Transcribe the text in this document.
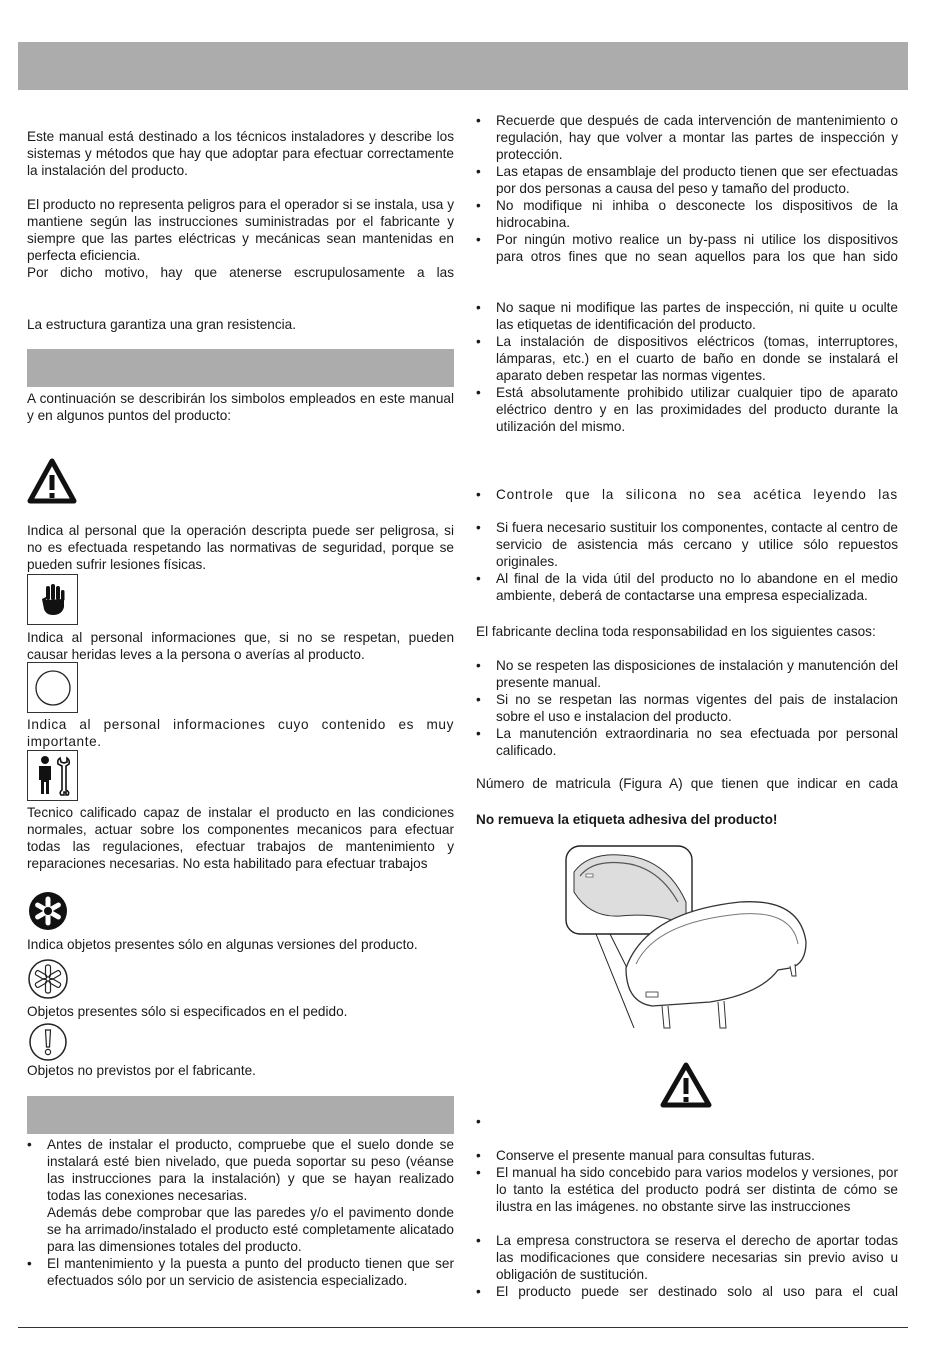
Este manual está destinado a los técnicos instaladores y describe los sistemas y métodos que hay que adoptar para efectuar correctamente la instalación del producto.

El producto no representa peligros para el operador si se instala, usa y mantiene según las instrucciones suministradas por el fabricante y siempre que las partes eléctricas y mecánicas sean mantenidas en perfecta eficiencia.

Por dicho motivo, hay que atenerse escrupulosamente a las

La estructura garantiza una gran resistencia.

A continuación se describirán los simbolos empleados en este manual y en algunos puntos del producto:

Indica al personal que la operación descripta puede ser peligrosa, si no es efectuada respetando las normativas de seguridad, porque se pueden sufrir lesiones físicas.

Indica al personal informaciones que, si no se respetan, pueden causar heridas leves a la persona o averías al producto.

Indica al personal informaciones cuyo contenido es muy importante.

Tecnico calificado capaz de instalar el producto en las condiciones normales, actuar sobre los componentes mecanicos para efectuar todas las regulaciones, efectuar trabajos de mantenimiento y reparaciones necesarias. No esta habilitado para efectuar trabajos

Indica objetos presentes sólo en algunas versiones del producto.

Objetos presentes sólo si especificados en el pedido.

Objetos no previstos por el fabricante.

• Antes de instalar el producto, compruebe que el suelo donde se instalará esté bien nivelado, que pueda soportar su peso (véanse las instrucciones para la instalación) y que se hayan realizado todas las conexiones necesarias.
Además debe comprobar que las paredes y/o el pavimento donde se ha arrimado/instalado el producto esté completamente alicatado para las dimensiones totales del producto.
• El mantenimiento y la puesta a punto del producto tienen que ser efectuados sólo por un servicio de asistencia especializado.
• Recuerde que después de cada intervención de mantenimiento o regulación, hay que volver a montar las partes de inspección y protección.
• Las etapas de ensamblaje del producto tienen que ser efectuadas por dos personas a causa del peso y tamaño del producto.
• No modifique ni inhiba o desconecte los dispositivos de la hidrocabina.
• Por ningún motivo realice un by-pass ni utilice los dispositivos para otros fines que no sean aquellos para los que han sido
• No saque ni modifique las partes de inspección, ni quite u oculte las etiquetas de identificación del producto.
• La instalación de dispositivos eléctricos (tomas, interruptores, lámparas, etc.) en el cuarto de baño en donde se instalará el aparato deben respetar las normas vigentes.
• Está absolutamente prohibido utilizar cualquier tipo de aparato eléctrico dentro y en las proximidades del producto durante la utilización del mismo.
• Controle que la silicona no sea acética leyendo las
• Si fuera necesario sustituir los componentes, contacte al centro de servicio de asistencia más cercano y utilice sólo repuestos originales.
• Al final de la vida útil del producto no lo abandone en el medio ambiente, deberá de contactarse una empresa especializada.

El fabricante declina toda responsabilidad en los siguientes casos:

• No se respeten las disposiciones de instalación y manutención del presente manual.
• Si no se respetan las normas vigentes del pais de instalacion sobre el uso e instalacion del producto.
• La manutención extraordinaria no sea efectuada por personal calificado.

Número de matricula (Figura A) que tienen que indicar en cada

No remueva la etiqueta adhesiva del producto!

•
• Conserve el presente manual para consultas futuras.
• El manual ha sido concebido para varios modelos y versiones, por lo tanto la estética del producto podrá ser distinta de cómo se ilustra en las imágenes. no obstante sirve las instrucciones
• La empresa constructora se reserva el derecho de aportar todas las modificaciones que considere necesarias sin previo aviso u obligación de sustitución.
• El producto puede ser destinado solo al uso para el cual
